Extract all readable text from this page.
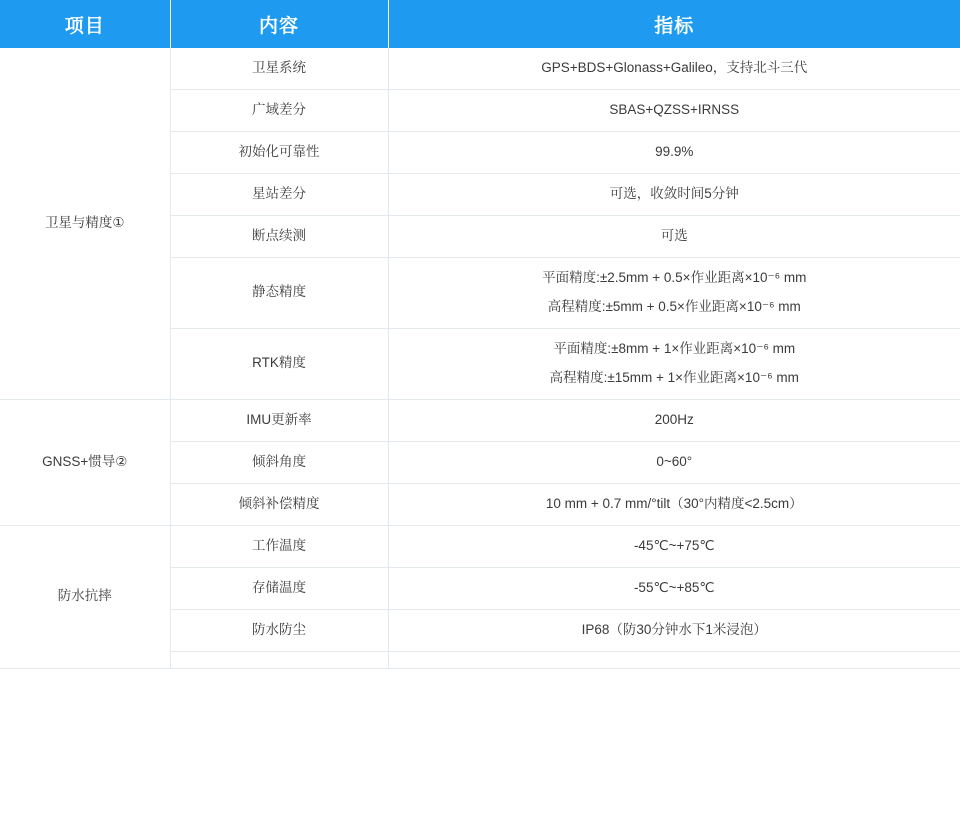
项目	内容	指标
卫星与精度①	卫星系统	GPS+BDS+Glonass+Galileo，支持北斗三代

	广域差分	SBAS+QZSS+IRNSS

	初始化可靠性	99.9%

	星站差分	可选，收敛时间5分钟

	断点续测	可选

	静态精度	平面精度:±2.5mm + 0.5×作业距离×10⁻⁶ mm
高程精度:±5mm + 0.5×作业距离×10⁻⁶ mm

	RTK精度	平面精度:±8mm + 1×作业距离×10⁻⁶ mm
高程精度:±15mm + 1×作业距离×10⁻⁶ mm

GNSS+惯导②	IMU更新率	200Hz

	倾斜角度	0~60°

	倾斜补偿精度	10 mm + 0.7 mm/°tilt（30°内精度<2.5cm）

防水抗摔	工作温度	-45℃~+75℃

	存储温度	-55℃~+85℃

	防水防尘	IP68（防30分钟水下1米浸泡）
